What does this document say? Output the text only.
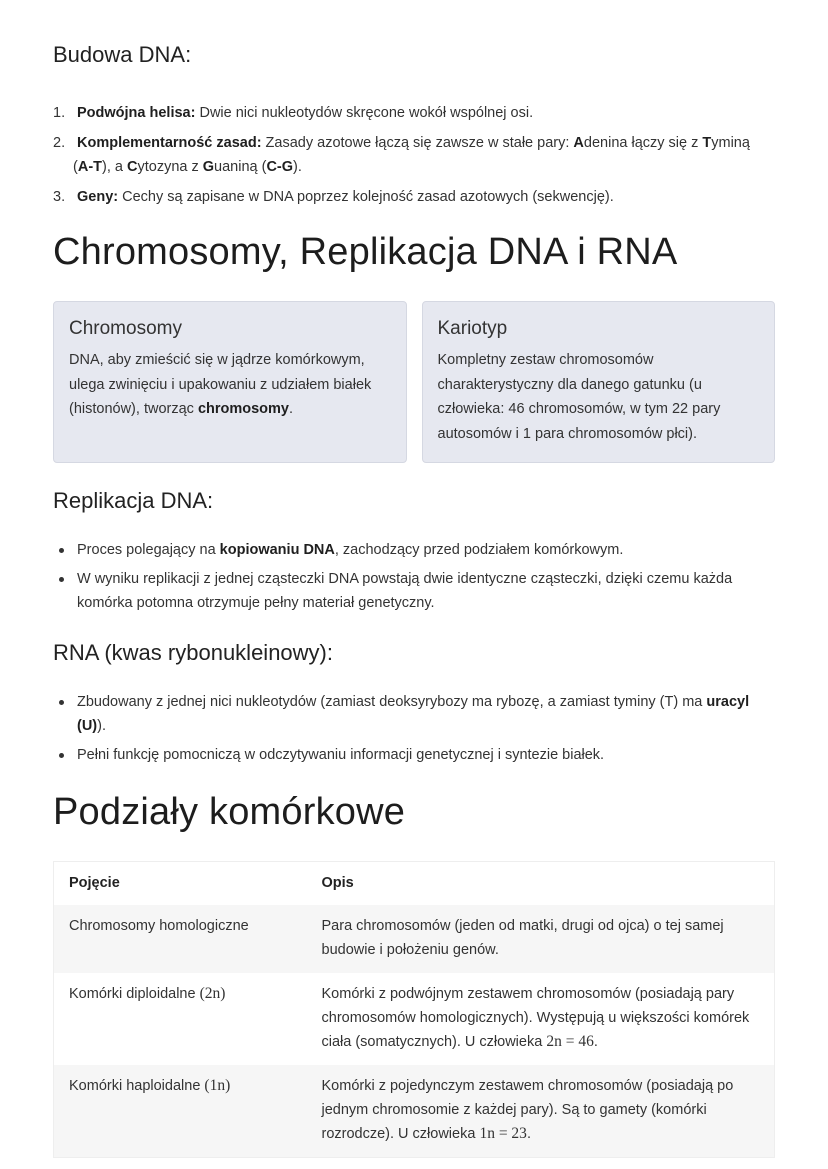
Budowa DNA:
1. Podwójna helisa: Dwie nici nukleotydów skręcone wokół wspólnej osi.
2. Komplementarność zasad: Zasady azotowe łączą się zawsze w stałe pary: Adenina łączy się z Tyminą
(A-T), a Cytozyna z Guaniną (C-G).
3. Geny: Cechy są zapisane w DNA poprzez kolejność zasad azotowych (sekwencję).
Chromosomy, Replikacja DNA i RNA
Chromosomy
DNA, aby zmieścić się w jądrze komórkowym, ulega zwinięciu i upakowaniu z udziałem białek (histonów), tworząc chromosomy.
Kariotyp
Kompletny zestaw chromosomów charakterystyczny dla danego gatunku (u człowieka: 46 chromosomów, w tym 22 pary autosomów i 1 para chromosomów płci).
Replikacja DNA:
Proces polegający na kopiowaniu DNA, zachodzący przed podziałem komórkowym.
W wyniku replikacji z jednej cząsteczki DNA powstają dwie identyczne cząsteczki, dzięki czemu każda komórka potomna otrzymuje pełny materiał genetyczny.
RNA (kwas rybonukleinowy):
Zbudowany z jednej nici nukleotydów (zamiast deoksyrybozy ma rybozę, a zamiast tyminy (T) ma uracyl (U)).
Pełni funkcję pomocniczą w odczytywaniu informacji genetycznej i syntezie białek.
Podziały komórkowe
Pojęcie	Opis
Chromosomy homologiczne	Para chromosomów (jeden od matki, drugi od ojca) o tej samej budowie i położeniu genów.
Komórki diploidalne (2n)	Komórki z podwójnym zestawem chromosomów (posiadają pary chromosomów homologicznych). Występują u większości komórek ciała (somatycznych). U człowieka 2n = 46.
Komórki haploidalne (1n)	Komórki z pojedynczym zestawem chromosomów (posiadają po jednym chromosomie z każdej pary). Są to gamety (komórki rozrodcze). U człowieka 1n = 23.
